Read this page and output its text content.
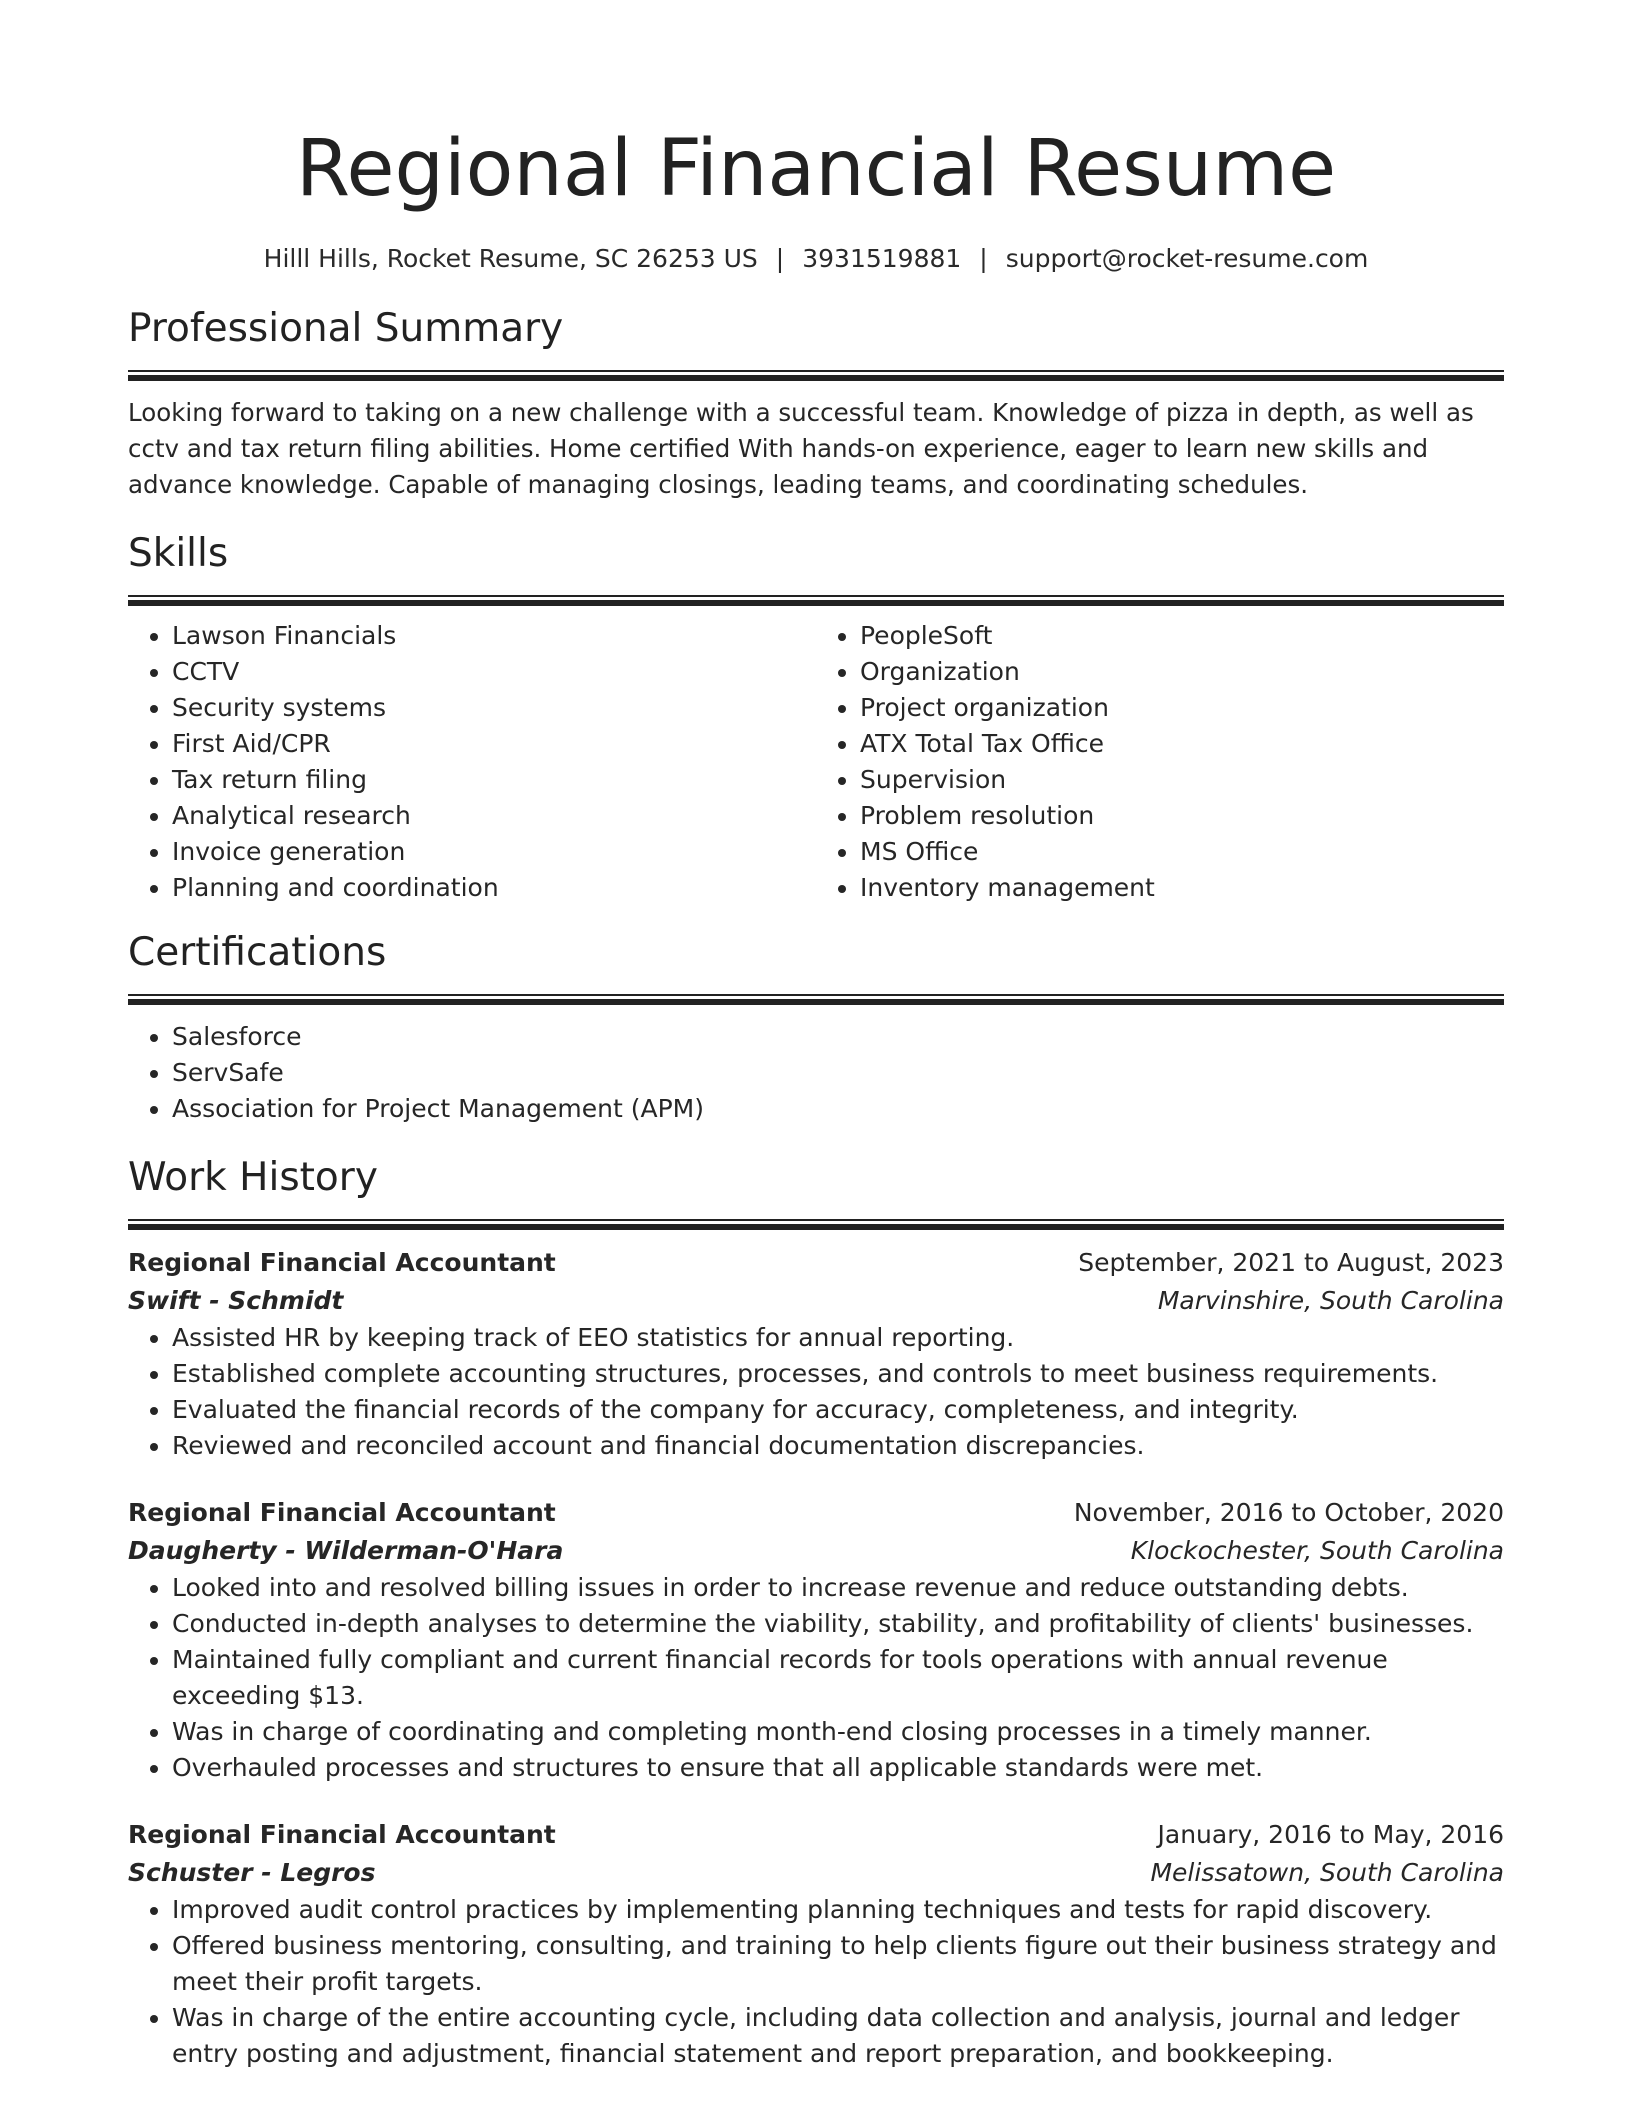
Regional Financial Resume
Hilll Hills, Rocket Resume, SC 26253 US | 3931519881 | support@rocket-resume.com
Professional Summary

Looking forward to taking on a new challenge with a successful team. Knowledge of pizza in depth, as well as cctv and tax return filing abilities. Home certified With hands-on experience, eager to learn new skills and advance knowledge. Capable of managing closings, leading teams, and coordinating schedules.

Skills
• Lawson Financials
• CCTV
• Security systems
• First Aid/CPR
• Tax return filing
• Analytical research
• Invoice generation
• Planning and coordination
• PeopleSoft
• Organization
• Project organization
• ATX Total Tax Office
• Supervision
• Problem resolution
• MS Office
• Inventory management
Certifications
• Salesforce
• ServSafe
• Association for Project Management (APM)
Work History
Regional Financial Accountant	September, 2021 to August, 2023
Swift - Schmidt	Marvinshire, South Carolina
• Assisted HR by keeping track of EEO statistics for annual reporting.
• Established complete accounting structures, processes, and controls to meet business requirements.
• Evaluated the financial records of the company for accuracy, completeness, and integrity.
• Reviewed and reconciled account and financial documentation discrepancies.
Regional Financial Accountant	November, 2016 to October, 2020
Daugherty - Wilderman-O'Hara	Klockochester, South Carolina
• Looked into and resolved billing issues in order to increase revenue and reduce outstanding debts.
• Conducted in-depth analyses to determine the viability, stability, and profitability of clients' businesses.
• Maintained fully compliant and current financial records for tools operations with annual revenue exceeding $13.
• Was in charge of coordinating and completing month-end closing processes in a timely manner.
• Overhauled processes and structures to ensure that all applicable standards were met.
Regional Financial Accountant	January, 2016 to May, 2016
Schuster - Legros	Melissatown, South Carolina
• Improved audit control practices by implementing planning techniques and tests for rapid discovery.
• Offered business mentoring, consulting, and training to help clients figure out their business strategy and meet their profit targets.
• Was in charge of the entire accounting cycle, including data collection and analysis, journal and ledger entry posting and adjustment, financial statement and report preparation, and bookkeeping.
